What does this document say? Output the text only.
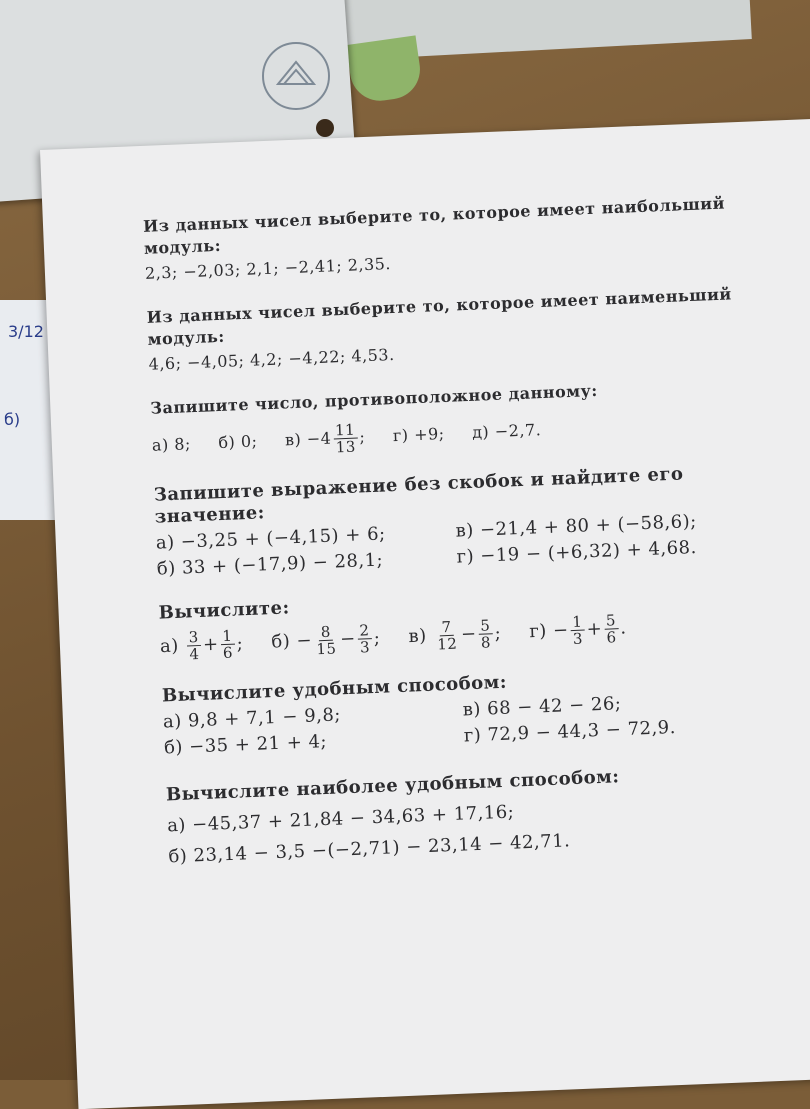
3/12
б)
Из данных чисел выберите то, которое имеет наибольший
модуль:
2,3; −2,03; 2,1; −2,41; 2,35.
Из данных чисел выберите то, которое имеет наименьший
модуль:
4,6; −4,05; 4,2; −4,22; 4,53.
Запишите число, противоположное данному:
а) 8; б) 0; $в) -4 \frac{11}{13}$ ; г) +9; д) −2,7.
Запишите выражение без скобок и найдите его значение:
а) −3,25 + (−4,15) + 6;	в) −21,4 + 80 + (−58,6);
б) 33 + (−17,9) − 28,1;	г) −19 − (+6,32) + 4,68.
Вычислите:
$а) \frac{3}{4} + \frac{1}{6}$ ; $б) - \frac{8}{15} - \frac{2}{3}$ ; $в) \frac{7}{12} - \frac{5}{8}$ ; $г) - \frac{1}{3} + \frac{5}{6}$ .
Вычислите удобным способом:
а) 9,8 + 7,1 − 9,8;	в) 68 − 42 − 26;
б) −35 + 21 + 4;	г) 72,9 − 44,3 − 72,9.
Вычислите наиболее удобным способом:
а) −45,37 + 21,84 − 34,63 + 17,16;
б) 23,14 − 3,5 −(−2,71) − 23,14 − 42,71.
